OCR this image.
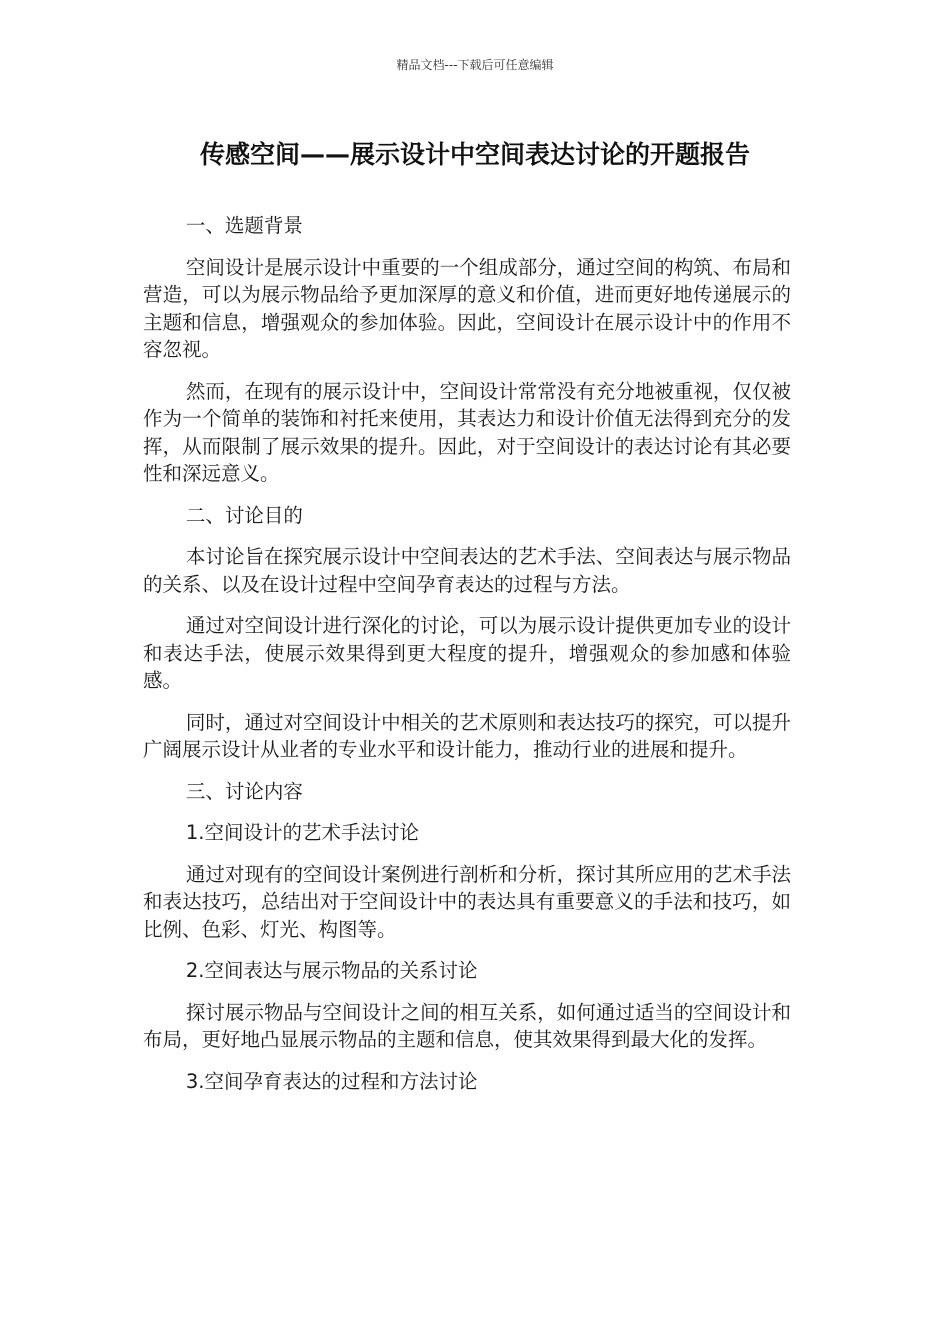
精品文档---下载后可任意编辑
传感空间——展示设计中空间表达讨论的开题报告

一、选题背景

空间设计是展示设计中重要的一个组成部分，通过空间的构筑、布局和营造，可以为展示物品给予更加深厚的意义和价值，进而更好地传递展示的主题和信息，增强观众的参加体验。因此，空间设计在展示设计中的作用不容忽视。

然而，在现有的展示设计中，空间设计常常没有充分地被重视，仅仅被作为一个简单的装饰和衬托来使用，其表达力和设计价值无法得到充分的发挥，从而限制了展示效果的提升。因此，对于空间设计的表达讨论有其必要性和深远意义。

二、讨论目的

本讨论旨在探究展示设计中空间表达的艺术手法、空间表达与展示物品的关系、以及在设计过程中空间孕育表达的过程与方法。

通过对空间设计进行深化的讨论，可以为展示设计提供更加专业的设计和表达手法，使展示效果得到更大程度的提升，增强观众的参加感和体验感。

同时，通过对空间设计中相关的艺术原则和表达技巧的探究，可以提升广阔展示设计从业者的专业水平和设计能力，推动行业的进展和提升。

三、讨论内容

1.空间设计的艺术手法讨论

通过对现有的空间设计案例进行剖析和分析，探讨其所应用的艺术手法和表达技巧，总结出对于空间设计中的表达具有重要意义的手法和技巧，如比例、色彩、灯光、构图等。

2.空间表达与展示物品的关系讨论

探讨展示物品与空间设计之间的相互关系，如何通过适当的空间设计和布局，更好地凸显展示物品的主题和信息，使其效果得到最大化的发挥。

3.空间孕育表达的过程和方法讨论
